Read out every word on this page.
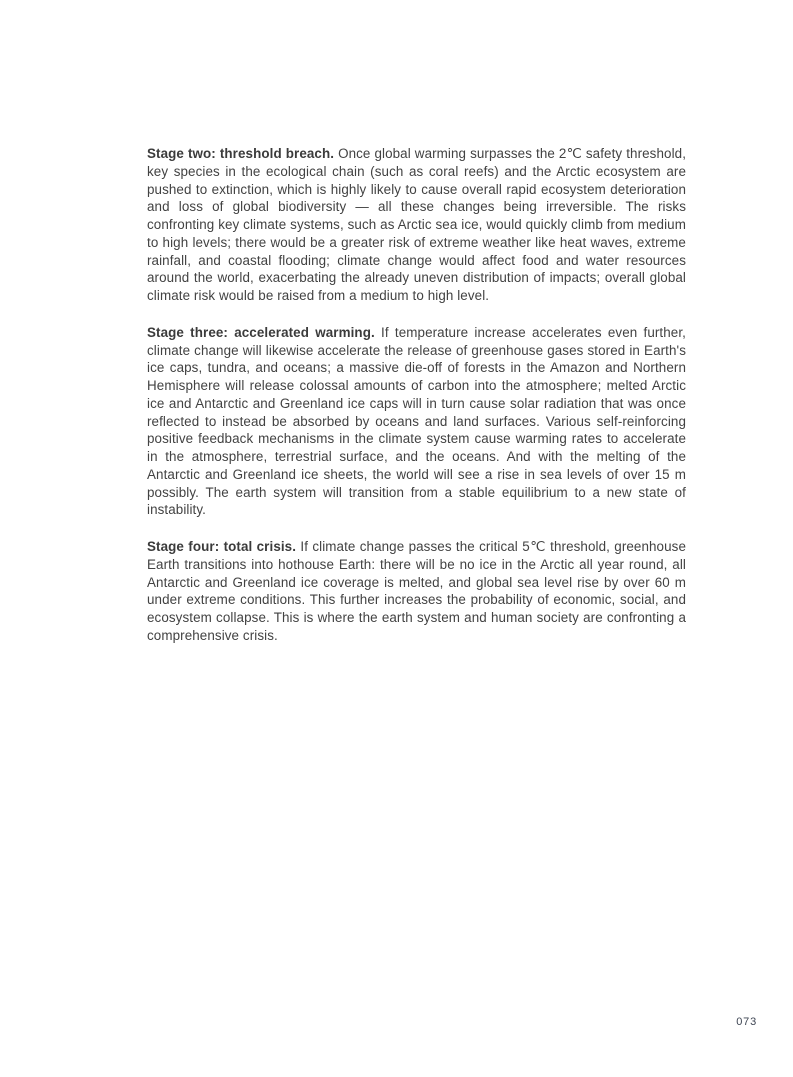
Stage two: threshold breach. Once global warming surpasses the 2℃ safety threshold, key species in the ecological chain (such as coral reefs) and the Arctic ecosystem are pushed to extinction, which is highly likely to cause overall rapid ecosystem deterioration and loss of global biodiversity — all these changes being irreversible. The risks confronting key climate systems, such as Arctic sea ice, would quickly climb from medium to high levels; there would be a greater risk of extreme weather like heat waves, extreme rainfall, and coastal flooding; climate change would affect food and water resources around the world, exacerbating the already uneven distribution of impacts; overall global climate risk would be raised from a medium to high level.

Stage three: accelerated warming. If temperature increase accelerates even further, climate change will likewise accelerate the release of greenhouse gases stored in Earth's ice caps, tundra, and oceans; a massive die-off of forests in the Amazon and Northern Hemisphere will release colossal amounts of carbon into the atmosphere; melted Arctic ice and Antarctic and Greenland ice caps will in turn cause solar radiation that was once reflected to instead be absorbed by oceans and land surfaces. Various self-reinforcing positive feedback mechanisms in the climate system cause warming rates to accelerate in the atmosphere, terrestrial surface, and the oceans. And with the melting of the Antarctic and Greenland ice sheets, the world will see a rise in sea levels of over 15 m possibly. The earth system will transition from a stable equilibrium to a new state of instability.

Stage four: total crisis. If climate change passes the critical 5℃ threshold, greenhouse Earth transitions into hothouse Earth: there will be no ice in the Arctic all year round, all Antarctic and Greenland ice coverage is melted, and global sea level rise by over 60 m under extreme conditions. This further increases the probability of economic, social, and ecosystem collapse. This is where the earth system and human society are confronting a comprehensive crisis.

073
